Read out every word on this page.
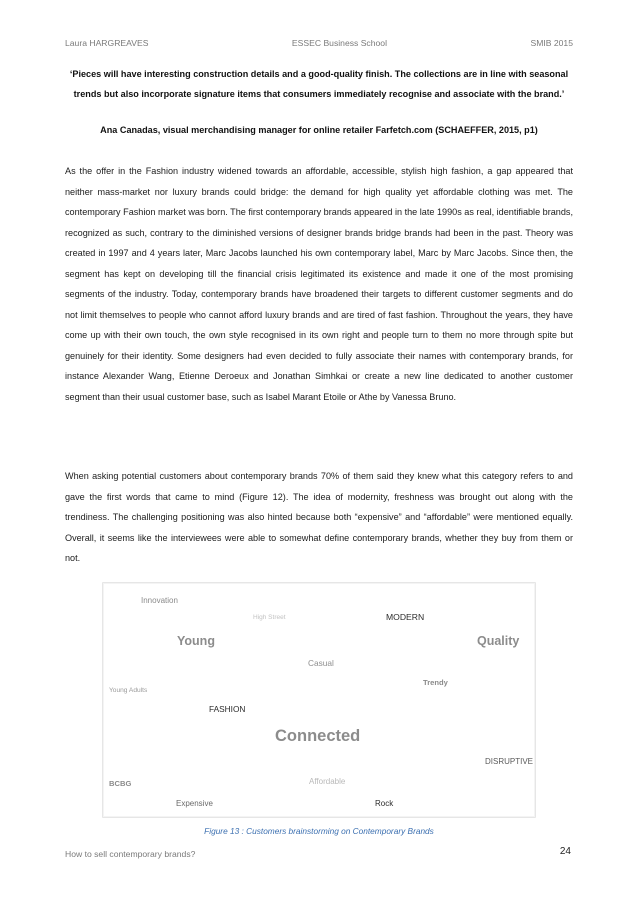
Laura HARGREAVES	ESSEC Business School	SMIB 2015
‘Pieces will have interesting construction details and a good-quality finish. The collections are in line with seasonal trends but also incorporate signature items that consumers immediately recognise and associate with the brand.’
Ana Canadas, visual merchandising manager for online retailer Farfetch.com (SCHAEFFER, 2015, p1)

As the offer in the Fashion industry widened towards an affordable, accessible, stylish high fashion, a gap appeared that neither mass-market nor luxury brands could bridge: the demand for high quality yet affordable clothing was met. The contemporary Fashion market was born. The first contemporary brands appeared in the late 1990s as real, identifiable brands, recognized as such, contrary to the diminished versions of designer brands bridge brands had been in the past. Theory was created in 1997 and 4 years later, Marc Jacobs launched his own contemporary label, Marc by Marc Jacobs. Since then, the segment has kept on developing till the financial crisis legitimated its existence and made it one of the most promising segments of the industry. Today, contemporary brands have broadened their targets to different customer segments and do not limit themselves to people who cannot afford luxury brands and are tired of fast fashion. Throughout the years, they have come up with their own touch, the own style recognised in its own right and people turn to them no more through spite but genuinely for their identity. Some designers had even decided to fully associate their names with contemporary brands, for instance Alexander Wang, Etienne Deroeux and Jonathan Simhkai or create a new line dedicated to another customer segment than their usual customer base, such as Isabel Marant Etoile or Athe by Vanessa Bruno.

When asking potential customers about contemporary brands 70% of them said they knew what this category refers to and gave the first words that came to mind (Figure 12). The idea of modernity, freshness was brought out along with the trendiness. The challenging positioning was also hinted because both “expensive” and “affordable” were mentioned equally. Overall, it seems like the interviewees were able to somewhat define contemporary brands, whether they buy from them or not.

Innovation
High Street	MODERN
Young	Quality
Casual
Trendy
Young Adults
FASHION
Connected
DISRUPTIVE
BCBG	Affordable
Expensive	Rock
Figure 13 : Customers brainstorming on Contemporary Brands
How to sell contemporary brands?	24
